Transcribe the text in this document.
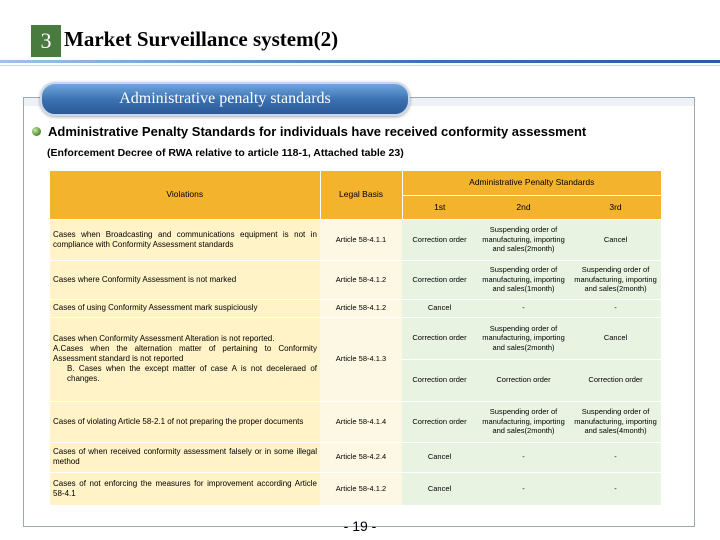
3 Market Surveillance system(2)
Administrative penalty standards
Administrative Penalty Standards for individuals have received conformity assessment
(Enforcement Decree of RWA relative to article 118-1, Attached table 23)
Violations	Legal Basis	Administrative Penalty Standards		
		1st	2nd	3rd
Cases when Broadcasting and communications equipment is not in compliance with Conformity Assessment standards	Article 58-4.1.1	Correction order	Suspending order of manufacturing, importing and sales(2month)	Cancel
Cases where Conformity Assessment is not marked	Article 58-4.1.2	Correction order	Suspending order of manufacturing, importing and sales(1month)	Suspending order of manufacturing, importing and sales(2month)
Cases of using Conformity Assessment mark suspiciously	Article 58-4.1.2	Cancel	-	-
Cases when Conformity Assessment Alteration is not reported.
A.Cases when the alternation matter of pertaining to Conformity Assessment standard is not reported

B. Cases when the except matter of case A is not deceleraed of changes.	Article 58-4.1.3	Correction order	Suspending order of manufacturing, importing and sales(2month)	Cancel
		Correction order	Correction order	Correction order
Cases of violating Article 58-2.1 of not preparing the proper documents	Article 58-4.1.4	Correction order	Suspending order of manufacturing, importing and sales(2month)	Suspending order of manufacturing, importing and sales(4month)
Cases of when received conformity assessment falsely or in some illegal method	Article 58-4.2.4	Cancel	-	-
Cases of not enforcing the measures for improvement according Article 58-4.1	Article 58-4.1.2	Cancel	-	-
- 19 -
